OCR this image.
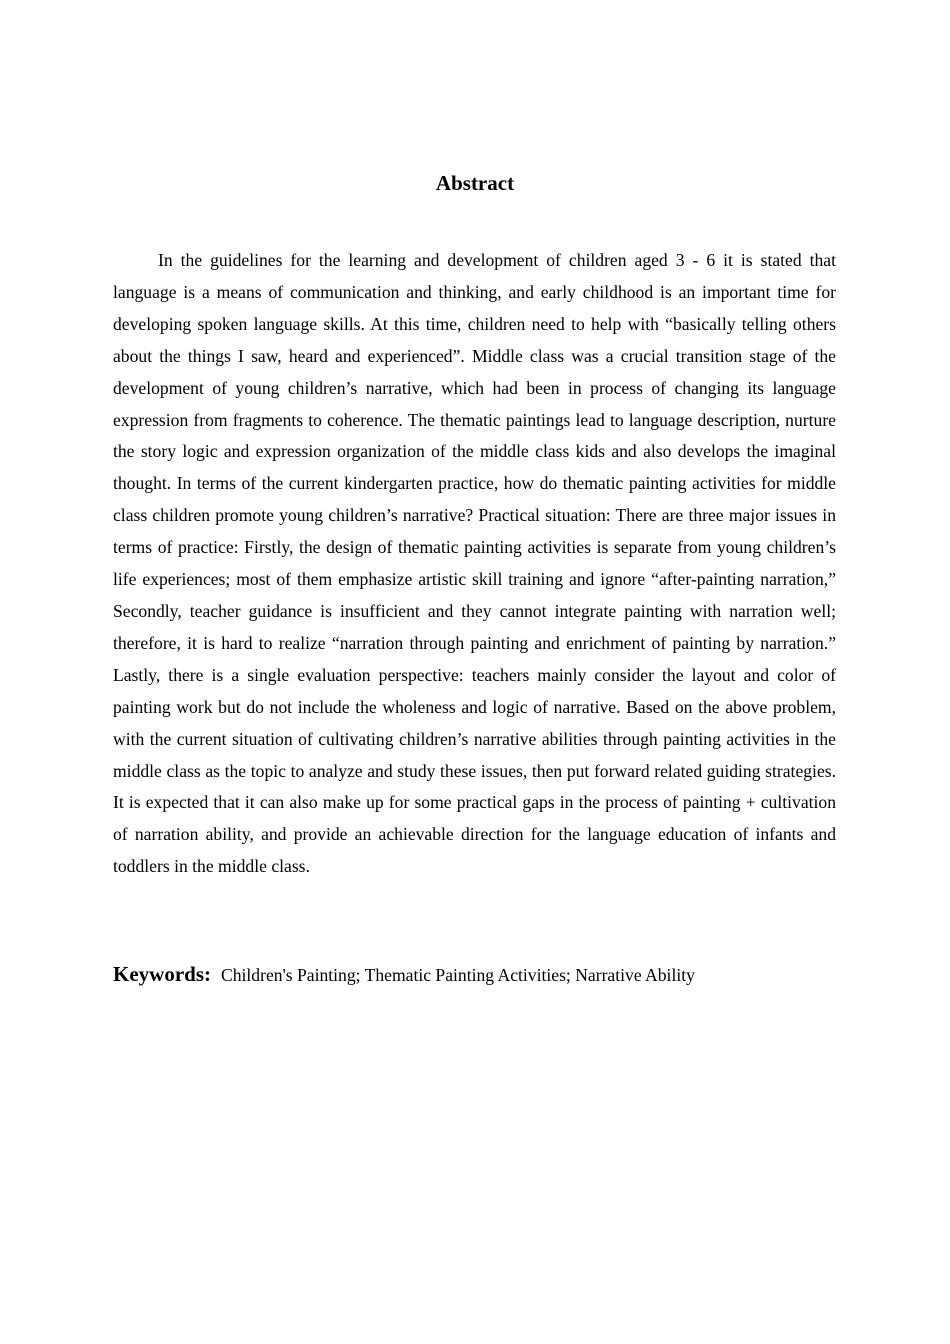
Abstract

In the guidelines for the learning and development of children aged 3 - 6 it is stated that language is a means of communication and thinking, and early childhood is an important time for developing spoken language skills. At this time, children need to help with “basically telling others about the things I saw, heard and experienced”. Middle class was a crucial transition stage of the development of young children’s narrative, which had been in process of changing its language expression from fragments to coherence. The thematic paintings lead to language description, nurture the story logic and expression organization of the middle class kids and also develops the imaginal thought. In terms of the current kindergarten practice, how do thematic painting activities for middle class children promote young children’s narrative? Practical situation: There are three major issues in terms of practice: Firstly, the design of thematic painting activities is separate from young children’s life experiences; most of them emphasize artistic skill training and ignore “after-painting narration,” Secondly, teacher guidance is insufficient and they cannot integrate painting with narration well; therefore, it is hard to realize “narration through painting and enrichment of painting by narration.” Lastly, there is a single evaluation perspective: teachers mainly consider the layout and color of painting work but do not include the wholeness and logic of narrative. Based on the above problem, with the current situation of cultivating children’s narrative abilities through painting activities in the middle class as the topic to analyze and study these issues, then put forward related guiding strategies. It is expected that it can also make up for some practical gaps in the process of painting + cultivation of narration ability, and provide an achievable direction for the language education of infants and toddlers in the middle class.

Keywords: Children's Painting; Thematic Painting Activities; Narrative Ability
